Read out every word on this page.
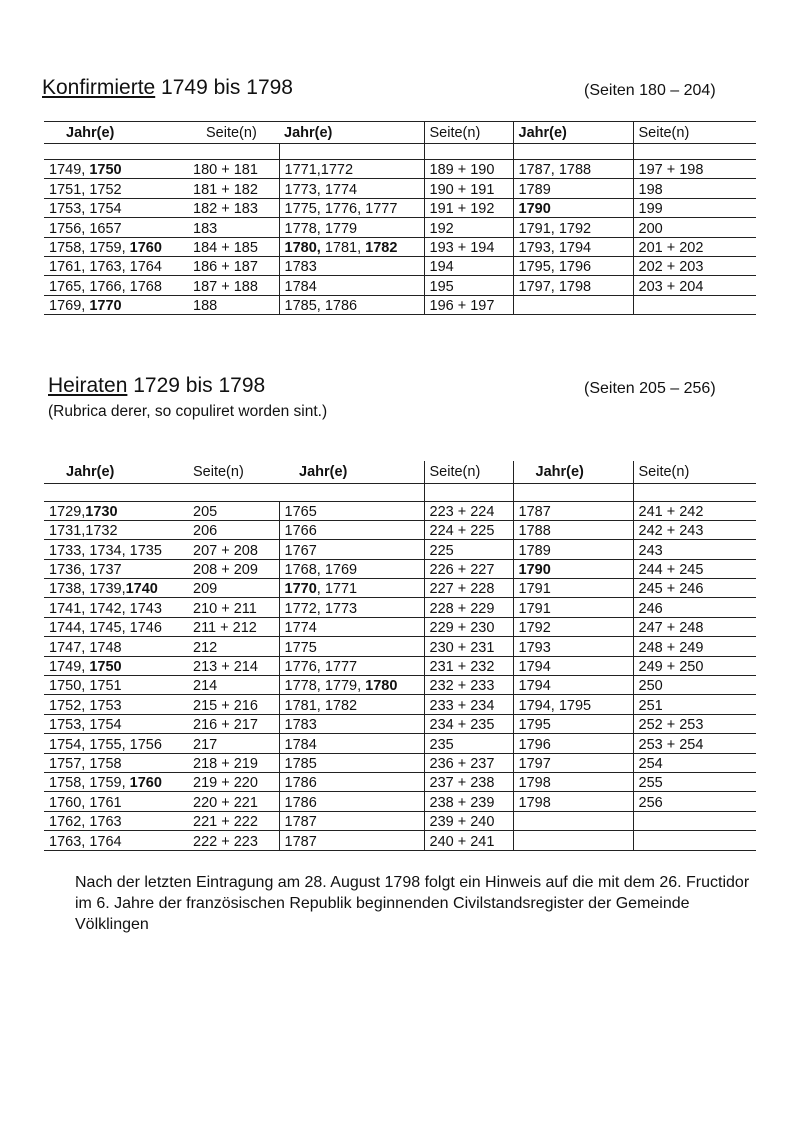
Konfirmierte 1749 bis 1798	(Seiten 180 – 204)
Jahr(e)	Seite(n)	Jahr(e)	Seite(n)	Jahr(e)	Seite(n)

1749, 1750	180 + 181	1771,1772	189 + 190	1787, 1788	197 + 198
1751, 1752	181 + 182	1773, 1774	190 + 191	1789	198
1753, 1754	182 + 183	1775, 1776, 1777	191 + 192	1790	199
1756, 1657	183	1778, 1779	192	1791, 1792	200
1758, 1759, 1760	184 + 185	1780, 1781, 1782	193 + 194	1793, 1794	201 + 202
1761, 1763, 1764	186 + 187	1783	194	1795, 1796	202 + 203
1765, 1766, 1768	187 + 188	1784	195	1797, 1798	203 + 204
1769, 1770	188	1785, 1786	196 + 197		
Heiraten 1729 bis 1798	(Seiten 205 – 256)
(Rubrica derer, so copuliret worden sint.)
Jahr(e)	Seite(n)	Jahr(e)	Seite(n)	Jahr(e)	Seite(n)

1729,1730	205	1765	223 + 224	1787	241 + 242
1731,1732	206	1766	224 + 225	1788	242 + 243
1733, 1734, 1735	207 + 208	1767	225	1789	243
1736, 1737	208 + 209	1768, 1769	226 + 227	1790	244 + 245
1738, 1739,1740	209	1770, 1771	227 + 228	1791	245 + 246
1741, 1742, 1743	210 + 211	1772, 1773	228 + 229	1791	246
1744, 1745, 1746	211 + 212	1774	229 + 230	1792	247 + 248
1747, 1748	212	1775	230 + 231	1793	248 + 249
1749, 1750	213 + 214	1776, 1777	231 + 232	1794	249 + 250
1750, 1751	214	1778, 1779, 1780	232 + 233	1794	250
1752, 1753	215 + 216	1781, 1782	233 + 234	1794, 1795	251
1753, 1754	216 + 217	1783	234 + 235	1795	252 + 253
1754, 1755, 1756	217	1784	235	1796	253 + 254
1757, 1758	218 + 219	1785	236 + 237	1797	254
1758, 1759, 1760	219 + 220	1786	237 + 238	1798	255
1760, 1761	220 + 221	1786	238 + 239	1798	256
1762, 1763	221 + 222	1787	239 + 240		
1763, 1764	222 + 223	1787	240 + 241		
Nach der letzten Eintragung am 28. August 1798 folgt ein Hinweis auf die mit dem 26. Fructidor im 6. Jahre der französischen Republik beginnenden Civilstandsregister der Gemeinde Völklingen
